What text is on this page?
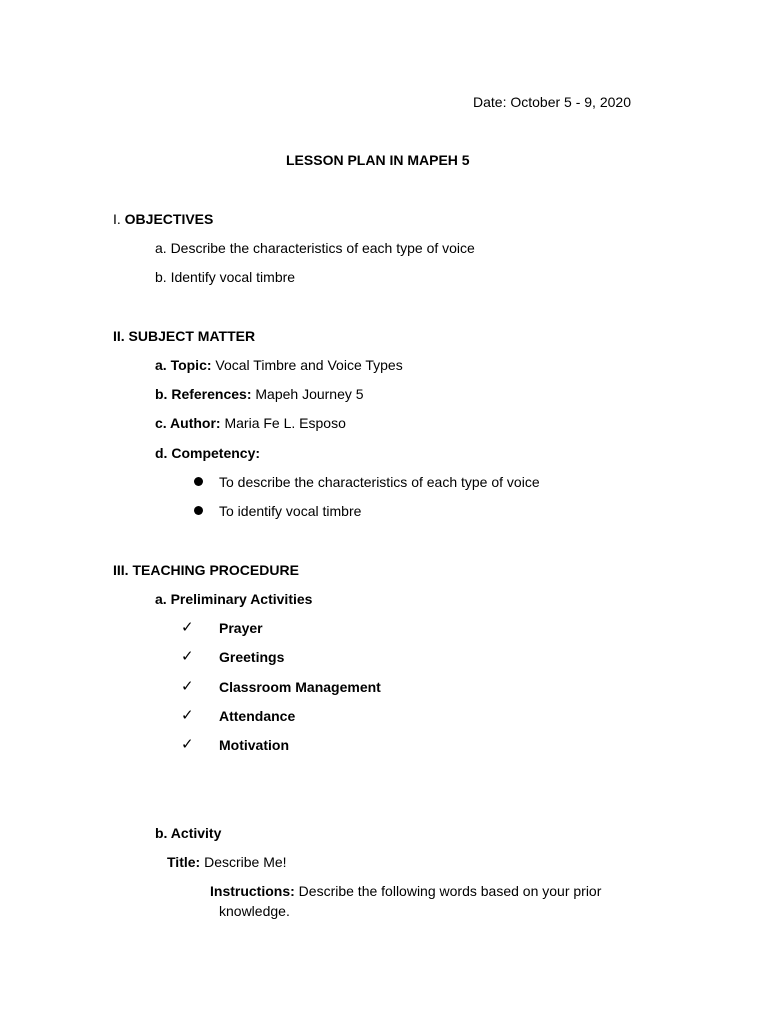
Date: October 5 - 9, 2020
LESSON PLAN IN MAPEH 5
I. OBJECTIVES
a. Describe the characteristics of each type of voice
b. Identify vocal timbre
II. SUBJECT MATTER
a. Topic: Vocal Timbre and Voice Types
b. References: Mapeh Journey 5
c. Author: Maria Fe L. Esposo
d. Competency:
To describe the characteristics of each type of voice
To identify vocal timbre
III. TEACHING PROCEDURE
a. Preliminary Activities
✓ Prayer
✓ Greetings
✓ Classroom Management
✓ Attendance
✓ Motivation
b. Activity
Title: Describe Me!
Instructions: Describe the following words based on your prior
knowledge.
